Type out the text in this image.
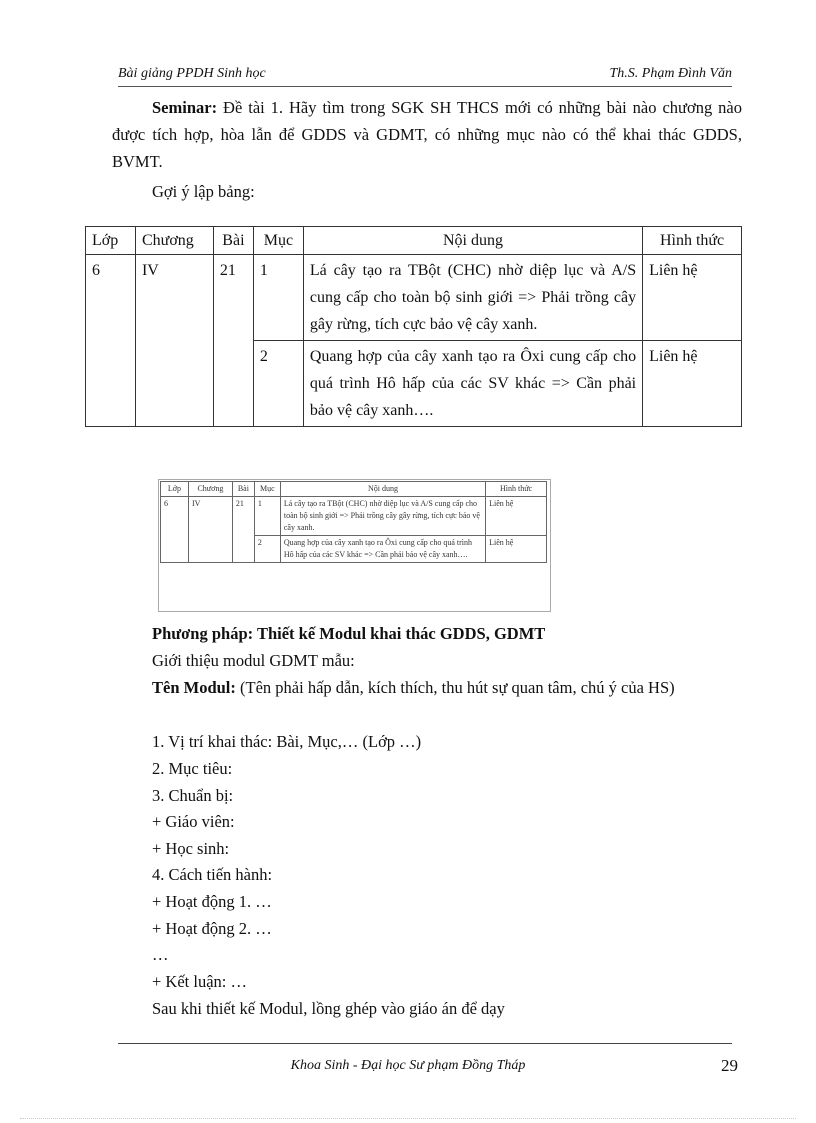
Bài giảng PPDH Sinh học	Th.S. Phạm Đình Văn

Seminar: Đề tài 1. Hãy tìm trong SGK SH THCS mới có những bài nào chương nào được tích hợp, hòa lẫn để GDDS và GDMT, có những mục nào có thể khai thác GDDS, BVMT.

Gợi ý lập bảng:

Lớp	Chương	Bài	Mục	Nội dung	Hình thức
6	IV	21	1	Lá cây tạo ra TBột (CHC) nhờ diệp lục và A/S cung cấp cho toàn bộ sinh giới => Phải trồng cây gây rừng, tích cực bảo vệ cây xanh.	Liên hệ
			2	Quang hợp của cây xanh tạo ra Ôxi cung cấp cho quá trình Hô hấp của các SV khác => Cần phải bảo vệ cây xanh….	Liên hệ
Lớp	Chương	Bài	Mục	Nội dung	Hình thức
6	IV	21	1	Lá cây tạo ra TBột (CHC) nhờ diệp lục và A/S cung cấp cho toàn bộ sinh giới => Phải trồng cây gây rừng, tích cực bảo vệ cây xanh.	Liên hệ
			2	Quang hợp của cây xanh tạo ra Ôxi cung cấp cho quá trình Hô hấp của các SV khác => Cần phải bảo vệ cây xanh….	Liên hệ

Phương pháp: Thiết kế Modul khai thác GDDS, GDMT

Giới thiệu modul GDMT mẫu:

Tên Modul: (Tên phải hấp dẫn, kích thích, thu hút sự quan tâm, chú ý của HS)

1. Vị trí khai thác: Bài, Mục,… (Lớp …)

2. Mục tiêu:

3. Chuẩn bị:

+ Giáo viên:

+ Học sinh:

4. Cách tiến hành:

+ Hoạt động 1. …

+ Hoạt động 2. …

…

+ Kết luận: …

Sau khi thiết kế Modul, lồng ghép vào giáo án để dạy

Khoa Sinh - Đại học Sư phạm Đồng Tháp	29
